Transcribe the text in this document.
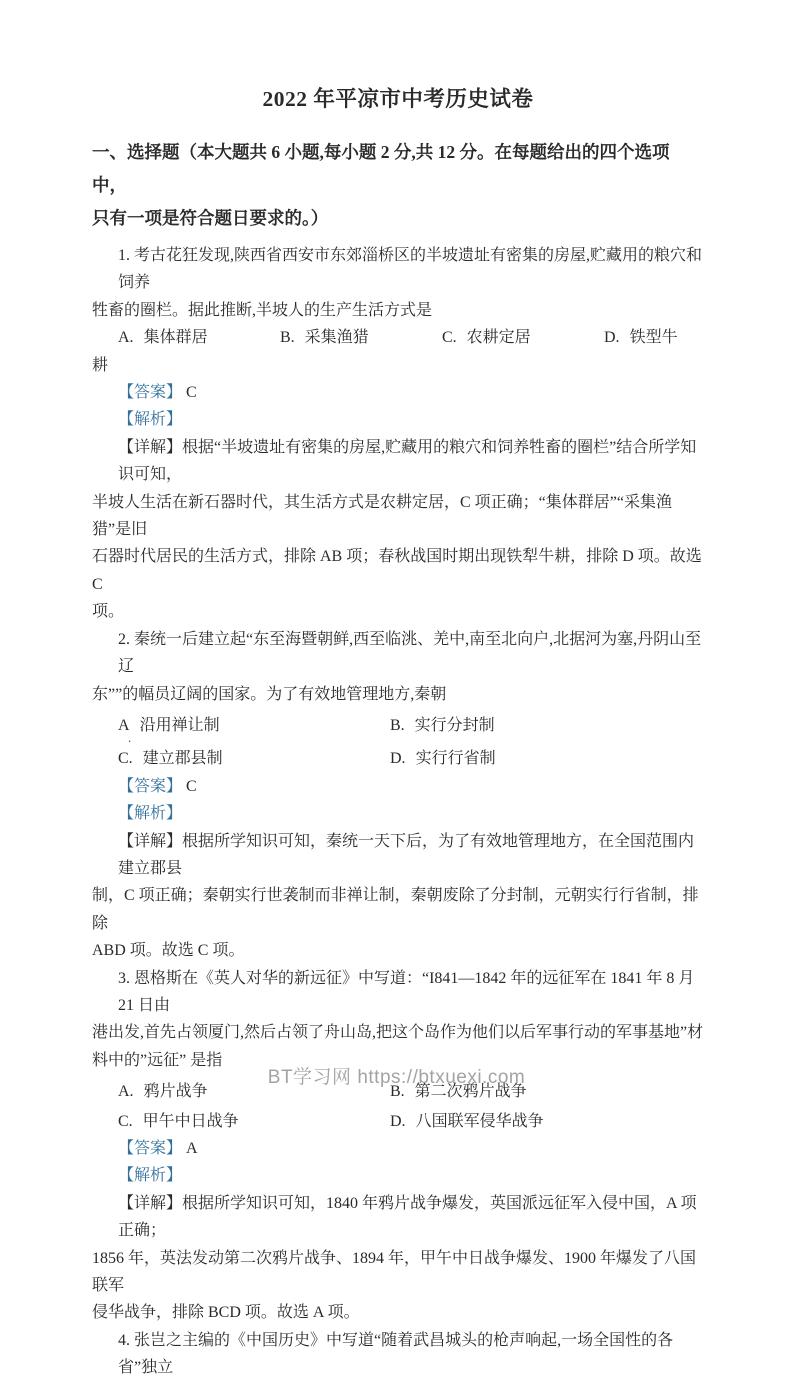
2022 年平凉市中考历史试卷
一、选择题（本大题共 6 小题,每小题 2 分,共 12 分。在每题给出的四个选项中，
只有一项是符合题日要求的。）
1. 考古花狂发现,陕西省西安市东郊淄桥区的半坡遗址有密集的房屋,贮藏用的粮穴和饲养
牲畜的圈栏。据此推断,半坡人的生产生活方式是
A. 集体群居	B. 采集渔猎	C. 农耕定居	D. 铁型牛
耕
【答案】 C
【解析】
【详解】根据“半坡遗址有密集的房屋,贮藏用的粮穴和饲养牲畜的圈栏”结合所学知识可知，
半坡人生活在新石器时代，其生活方式是农耕定居，C 项正确；“集体群居”“采集渔猎”是旧
石器时代居民的生活方式，排除 AB 项；春秋战国时期出现铁犁牛耕，排除 D 项。故选 C
项。
2. 秦统一后建立起“东至海暨朝鲜,西至临洮、羌中,南至北向户,北据河为塞,丹阴山至辽
东””的幅员辽阔的国家。为了有效地管理地方,秦朝
A 沿用禅让制	B. 实行分封制
.
C. 建立郡县制	D. 实行行省制
【答案】 C
【解析】
【详解】根据所学知识可知，秦统一天下后，为了有效地管理地方，在全国范围内建立郡县
制，C 项正确；秦朝实行世袭制而非禅让制，秦朝废除了分封制，元朝实行行省制，排除
ABD 项。故选 C 项。
3. 恩格斯在《英人对华的新远征》中写道：“I841—1842 年的远征军在 1841 年 8 月 21 日由
港出发,首先占领厦门,然后占领了舟山岛,把这个岛作为他们以后军事行动的军事基地”材
料中的”远征” 是指
A. 鸦片战争	B. 第二次鸦片战争
C. 甲午中日战争	D. 八国联军侵华战争
【答案】 A
【解析】
【详解】根据所学知识可知，1840 年鸦片战争爆发，英国派远征军入侵中国，A 项正确；
1856 年，英法发动第二次鸦片战争、1894 年，甲午中日战争爆发、1900 年爆发了八国联军
侵华战争，排除 BCD 项。故选 A 项。
4. 张岂之主编的《中国历史》中写道“随着武昌城头的枪声响起,一场全国性的各省”独立
BT学习网 https://btxuexi.com
